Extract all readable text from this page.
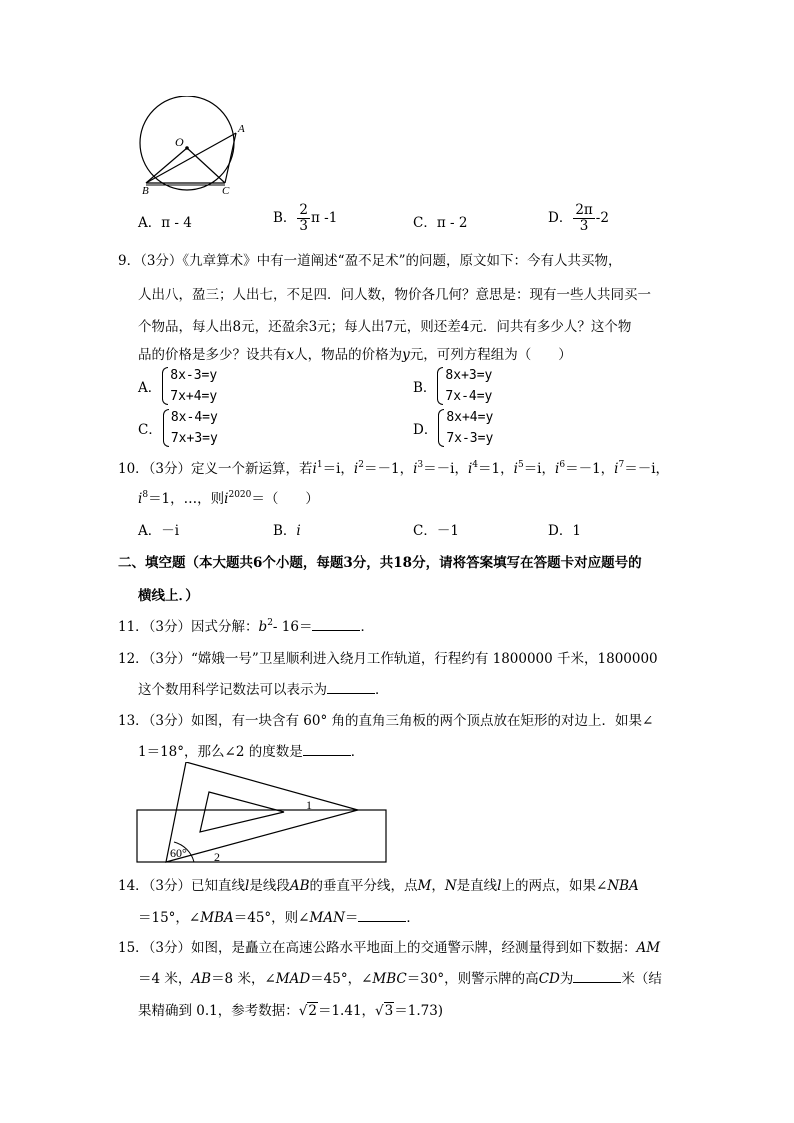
O
A
B	C
A．π - 4	B． $\frac{2}{3}$ π -1	C．π - 2	D． $\frac{2\pi}{3} -2$
9．（3分）《九章算术》中有一道阐述“盈不足术”的问题，原文如下：今有人共买物，
人出八，盈三；人出七，不足四．问人数，物价各几何？意思是：现有一些人共同买一
个物品，每人出8元，还盈余3元；每人出7元，则还差4元．问共有多少人？这个物
品的价格是多少？设共有x人，物品的价格为y元，可列方程组为（　　）
A．8x-3=y
7x+4=y
B．8x+3=y
7x-4=y
C．8x-4=y
7x+3=y
D．8x+4=y
7x-3=y
10．（3分）定义一个新运算，若$i^1=i$，$i^2=-1$，$i^3=-i$，$i^4=1$，$i^5=i$，$i^6=-1$，$i^7=-i$，
$i^8=1$，…，则$i^{2020}=$（　　）
A．－i	B．i	C．－1	D．1
二、填空题（本大题共6个小题，每题3分，共18分，请将答案填写在答题卡对应题号的
横线上．）
11．（3分）因式分解：$b^2-$ 16＝	．
12．（3分）“嫦娥一号”卫星顺利进入绕月工作轨道，行程约有 1800000 千米，1800000
这个数用科学记数法可以表示为	．
13．（3分）如图，有一块含有 60° 角的直角三角板的两个顶点放在矩形的对边上．如果∠
1＝18°，那么∠2 的度数是	．
60°
1
2
14．（3分）已知直线l是线段AB的垂直平分线，点M，N是直线l上的两点，如果∠NBA
＝15°，∠MBA＝45°，则∠MAN＝	．
15．（3分）如图，是矗立在高速公路水平地面上的交通警示牌，经测量得到如下数据：AM
＝4 米，AB＝8 米，∠MAD＝45°，∠MBC＝30°，则警示牌的高CD为	米（结
果精确到 0.1，参考数据：√2＝1.41，√3＝1.73)
